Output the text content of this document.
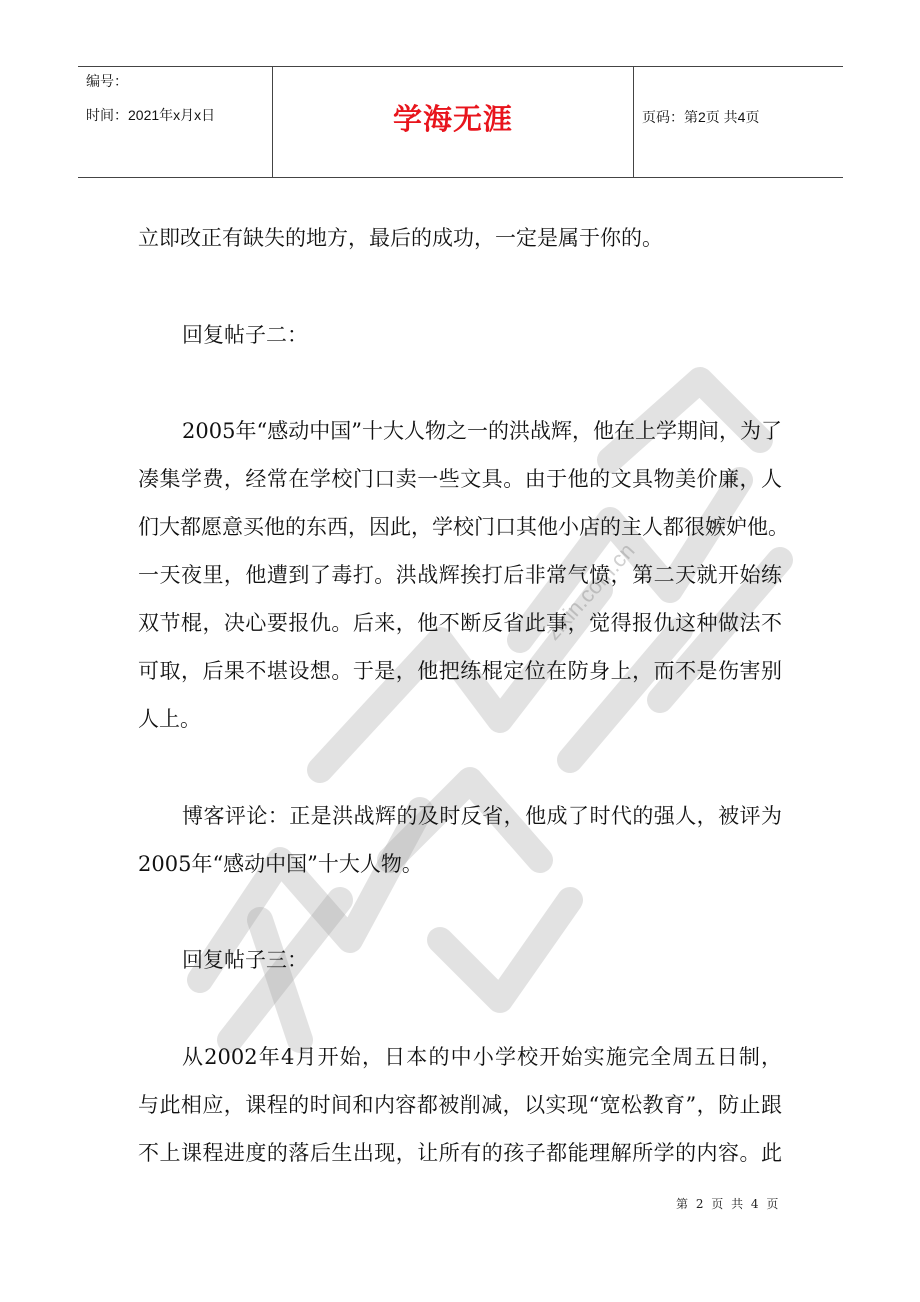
编号：
时间：2021年x月x日	学海无涯	页码：第2页 共4页
zixin.com.cn
立即改正有缺失的地方，最后的成功，一定是属于你的。
回复帖子二：
2005年“感动中国”十大人物之一的洪战辉，他在上学期间，为了
凑集学费，经常在学校门口卖一些文具。由于他的文具物美价廉，人
们大都愿意买他的东西，因此，学校门口其他小店的主人都很嫉妒他。
一天夜里，他遭到了毒打。洪战辉挨打后非常气愤，第二天就开始练
双节棍，决心要报仇。后来，他不断反省此事，觉得报仇这种做法不
可取，后果不堪设想。于是，他把练棍定位在防身上，而不是伤害别
人上。
博客评论：正是洪战辉的及时反省，他成了时代的强人，被评为
2005年“感动中国”十大人物。
回复帖子三：
从2002年4月开始，日本的中小学校开始实施完全周五日制，
与此相应，课程的时间和内容都被削减，以实现“宽松教育”，防止跟
不上课程进度的落后生出现，让所有的孩子都能理解所学的内容。此
第 2 页 共 4 页
